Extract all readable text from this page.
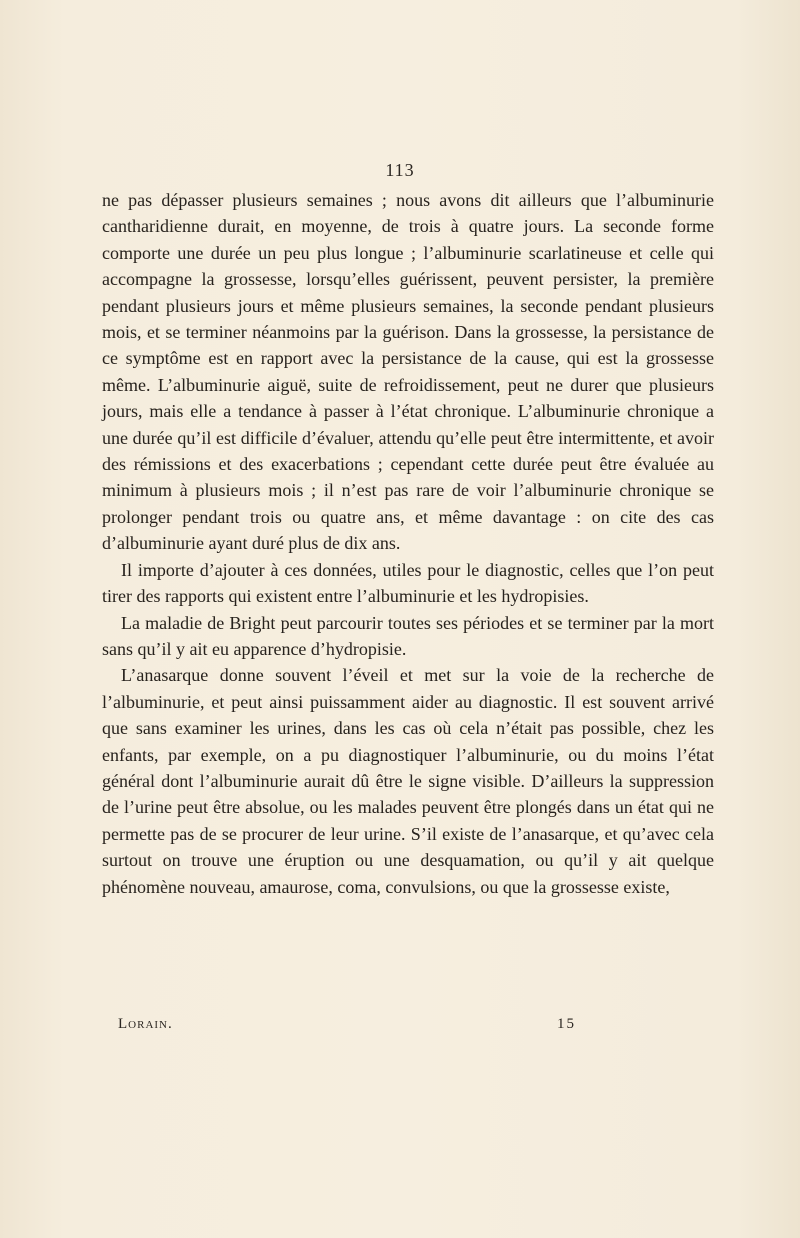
113

ne pas dépasser plusieurs semaines ; nous avons dit ailleurs que l’albuminurie cantharidienne durait, en moyenne, de trois à quatre jours. La seconde forme comporte une durée un peu plus longue ; l’albuminurie scarlatineuse et celle qui accompagne la grossesse, lorsqu’elles guérissent, peuvent persister, la première pendant plusieurs jours et même plusieurs semaines, la seconde pendant plusieurs mois, et se terminer néanmoins par la guérison. Dans la grossesse, la persistance de ce symptôme est en rapport avec la persistance de la cause, qui est la grossesse même. L’albuminurie aiguë, suite de refroidissement, peut ne durer que plusieurs jours, mais elle a tendance à passer à l’état chronique. L’albuminurie chronique a une durée qu’il est difficile d’évaluer, attendu qu’elle peut être intermittente, et avoir des rémissions et des exacerbations ; cependant cette durée peut être évaluée au minimum à plusieurs mois ; il n’est pas rare de voir l’albuminurie chronique se prolonger pendant trois ou quatre ans, et même davantage : on cite des cas d’albuminurie ayant duré plus de dix ans.

Il importe d’ajouter à ces données, utiles pour le diagnostic, celles que l’on peut tirer des rapports qui existent entre l’albuminurie et les hydropisies.

La maladie de Bright peut parcourir toutes ses périodes et se terminer par la mort sans qu’il y ait eu apparence d’hydropisie.

L’anasarque donne souvent l’éveil et met sur la voie de la recherche de l’albuminurie, et peut ainsi puissamment aider au diagnostic. Il est souvent arrivé que sans examiner les urines, dans les cas où cela n’était pas possible, chez les enfants, par exemple, on a pu diagnostiquer l’albuminurie, ou du moins l’état général dont l’albuminurie aurait dû être le signe visible. D’ailleurs la suppression de l’urine peut être absolue, ou les malades peuvent être plongés dans un état qui ne permette pas de se procurer de leur urine. S’il existe de l’anasarque, et qu’avec cela surtout on trouve une éruption ou une desquamation, ou qu’il y ait quelque phénomène nouveau, amaurose, coma, convulsions, ou que la grossesse existe,

Lorain.	15
